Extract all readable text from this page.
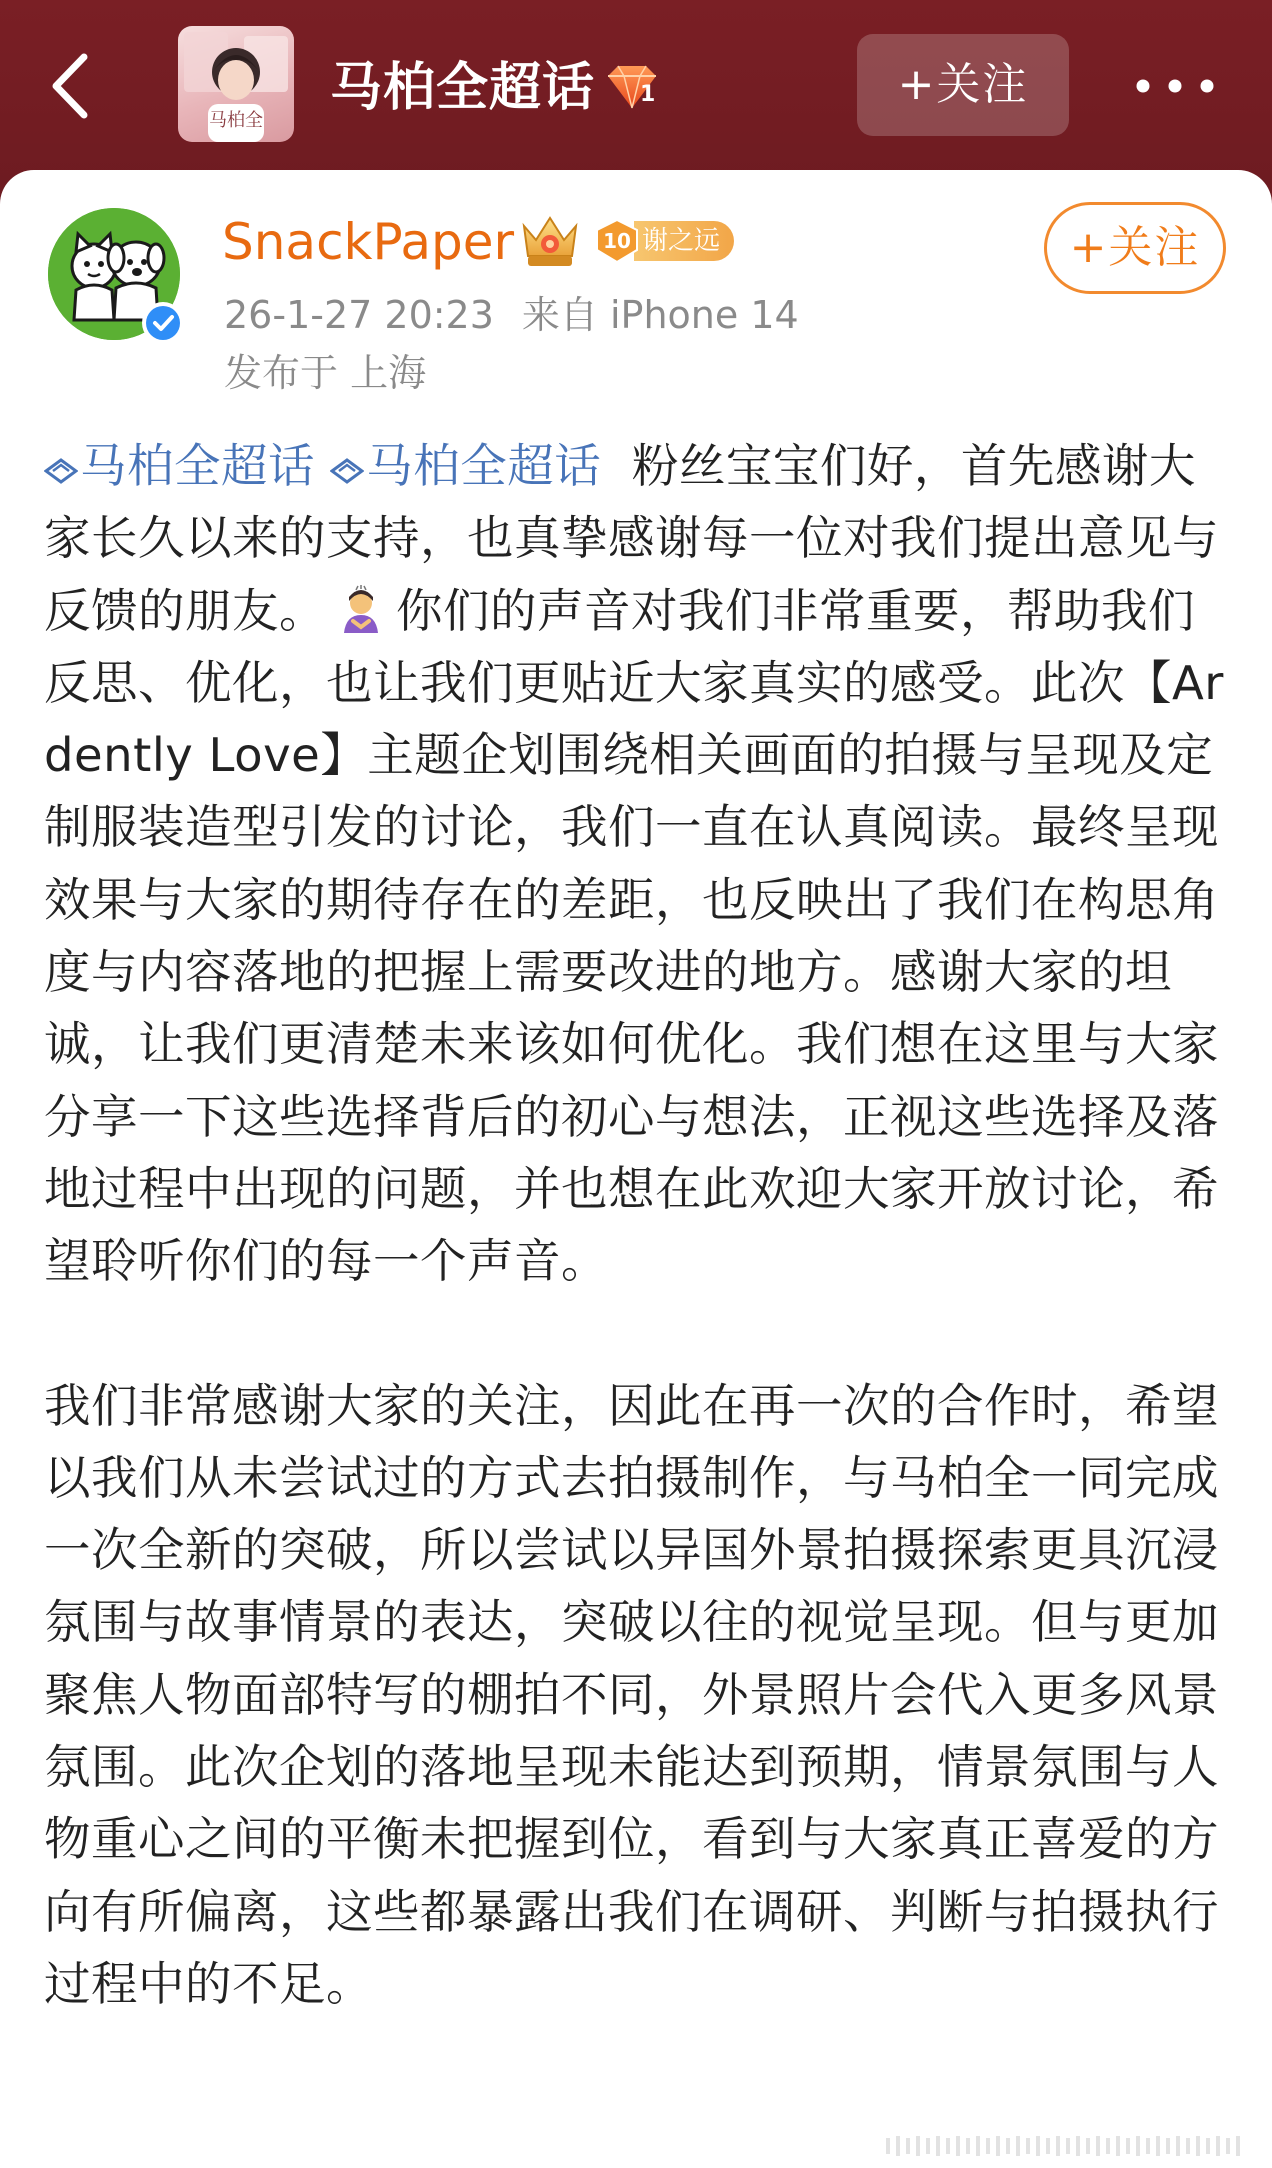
马柏全
马柏全超话 1	+关注
SnackPaper	10 谢之远
26-1-27 20:23 来自 iPhone 14
发布于 上海
+关注

马柏全超话 马柏全超话 粉丝宝宝们好，首先感谢大家长久以来的支持，也真挚感谢每一位对我们提出意见与反馈的朋友。 你们的声音对我们非常重要，帮助我们反思、优化，也让我们更贴近大家真实的感受。此次【Ardently Love】主题企划围绕相关画面的拍摄与呈现及定制服装造型引发的讨论，我们一直在认真阅读。最终呈现效果与大家的期待存在的差距，也反映出了我们在构思角度与内容落地的把握上需要改进的地方。感谢大家的坦诚，让我们更清楚未来该如何优化。我们想在这里与大家分享一下这些选择背后的初心与想法，正视这些选择及落地过程中出现的问题，并也想在此欢迎大家开放讨论，希望聆听你们的每一个声音。

我们非常感谢大家的关注，因此在再一次的合作时，希望以我们从未尝试过的方式去拍摄制作，与马柏全一同完成一次全新的突破，所以尝试以异国外景拍摄探索更具沉浸氛围与故事情景的表达，突破以往的视觉呈现。但与更加聚焦人物面部特写的棚拍不同，外景照片会代入更多风景氛围。此次企划的落地呈现未能达到预期，情景氛围与人物重心之间的平衡未把握到位，看到与大家真正喜爱的方向有所偏离，这些都暴露出我们在调研、判断与拍摄执行过程中的不足。
